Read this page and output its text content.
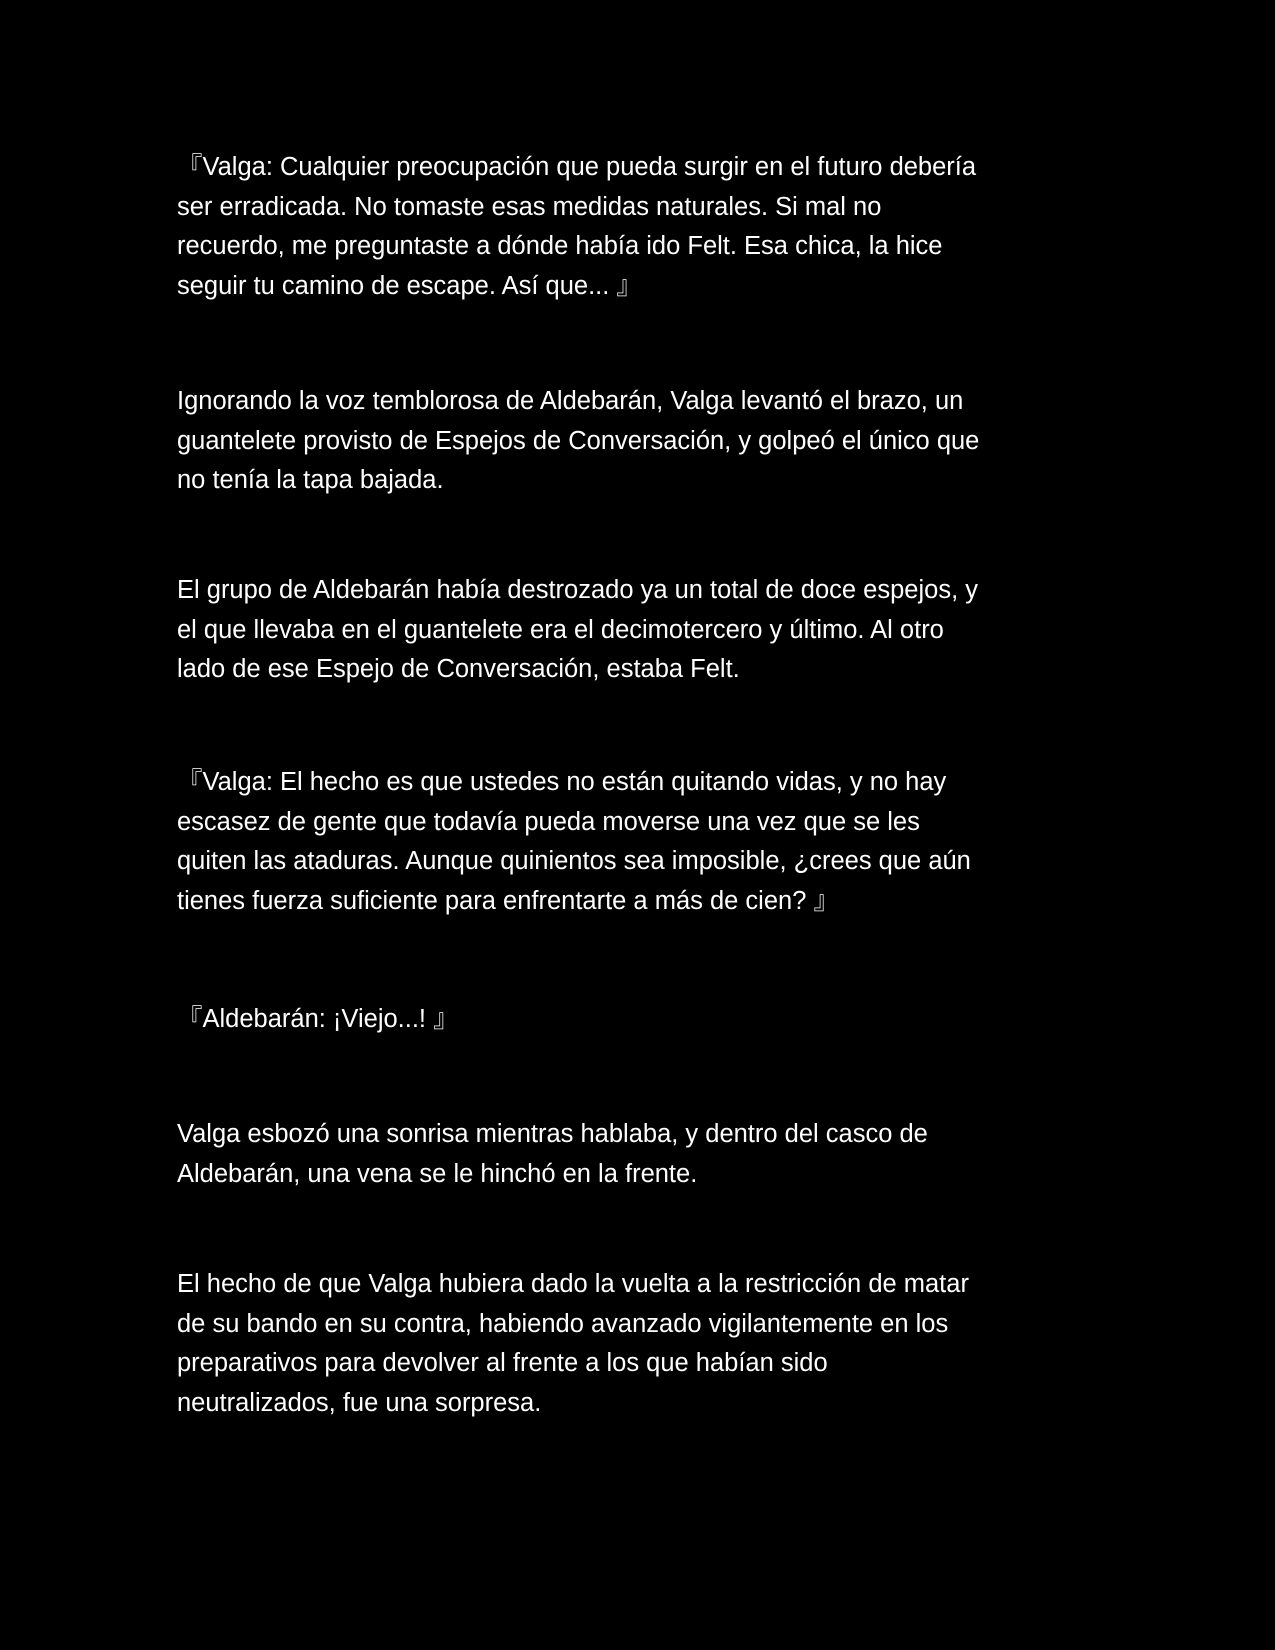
『Valga: Cualquier preocupación que pueda surgir en el futuro debería
ser erradicada. No tomaste esas medidas naturales. Si mal no
recuerdo, me preguntaste a dónde había ido Felt. Esa chica, la hice
seguir tu camino de escape. Así que... 』

Ignorando la voz temblorosa de Aldebarán, Valga levantó el brazo, un
guantelete provisto de Espejos de Conversación, y golpeó el único que
no tenía la tapa bajada.

El grupo de Aldebarán había destrozado ya un total de doce espejos, y
el que llevaba en el guantelete era el decimotercero y último. Al otro
lado de ese Espejo de Conversación, estaba Felt.

『Valga: El hecho es que ustedes no están quitando vidas, y no hay
escasez de gente que todavía pueda moverse una vez que se les
quiten las ataduras. Aunque quinientos sea imposible, ¿crees que aún
tienes fuerza suficiente para enfrentarte a más de cien? 』

『Aldebarán: ¡Viejo...! 』

Valga esbozó una sonrisa mientras hablaba, y dentro del casco de
Aldebarán, una vena se le hinchó en la frente.

El hecho de que Valga hubiera dado la vuelta a la restricción de matar
de su bando en su contra, habiendo avanzado vigilantemente en los
preparativos para devolver al frente a los que habían sido
neutralizados, fue una sorpresa.
